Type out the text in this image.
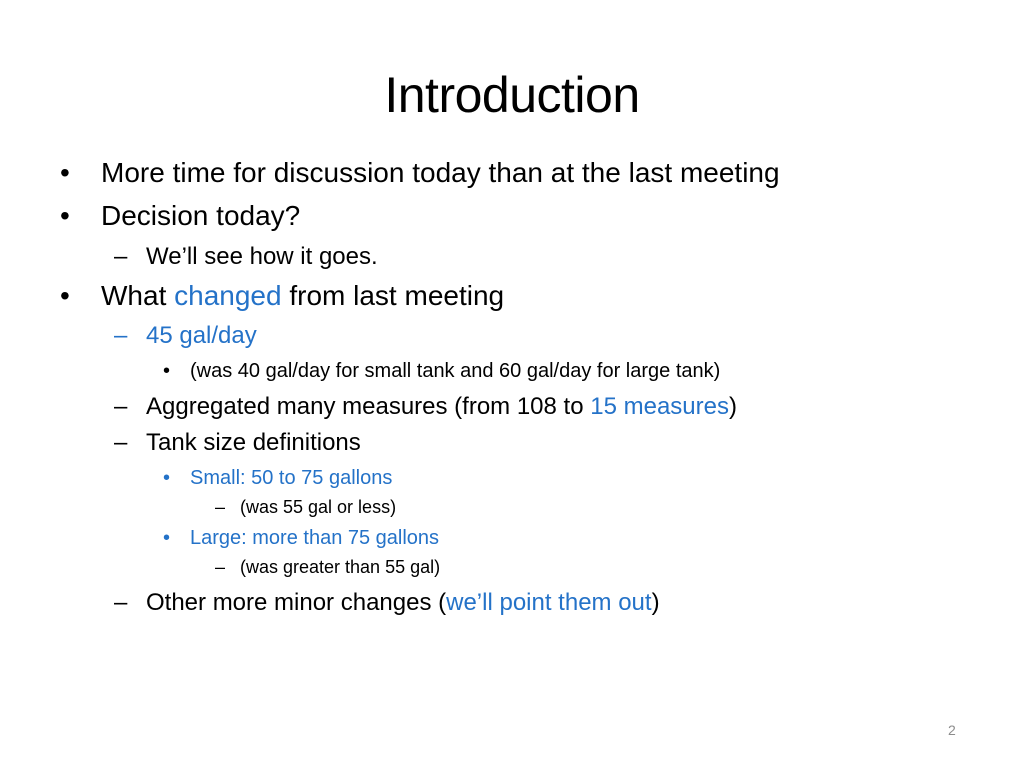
Introduction
• More time for discussion today than at the last meeting
• Decision today?
– We’ll see how it goes.
• What changed from last meeting
– 45 gal/day
• (was 40 gal/day for small tank and 60 gal/day for large tank)
– Aggregated many measures (from 108 to 15 measures)
– Tank size definitions
• Small: 50 to 75 gallons
– (was 55 gal or less)
• Large: more than 75 gallons
– (was greater than 55 gal)
– Other more minor changes (we’ll point them out)
2
